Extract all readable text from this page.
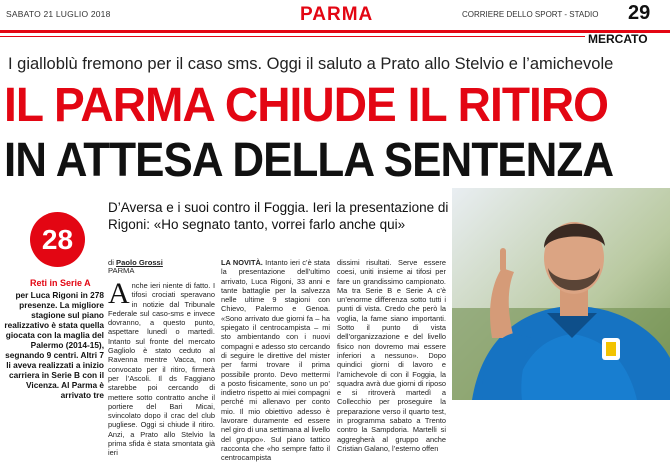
SABATO 21 LUGLIO 2018	PARMA	CORRIERE DELLO SPORT - STADIO 29
MERCATO
I gialloblù fremono per il caso sms. Oggi il saluto a Prato allo Stelvio e l’amichevole
IL PARMA CHIUDE IL RITIRO
IN ATTESA DELLA SENTENZA
28
Reti in Serie A
per Luca Rigoni in 278 presenze. La migliore stagione sul piano realizzativo è stata quella giocata con la maglia del Palermo (2014-15), segnando 9 centri. Altri 7 li aveva realizzati a inizio carriera in Serie B con il Vicenza. Al Parma è arrivato tre
D’Aversa e i suoi contro il Foggia. Ieri la presentazione di Rigoni: «Ho segnato tanto, vorrei farlo anche qui»
di Paolo Grossi
PARMA
Anche ieri niente di fatto. I tifosi crociati speravano in notizie dal Tribunale Federale sul caso-sms e invece dovranno, a questo punto, aspettare lunedì o martedì. Intanto sul fronte del mercato Gagliolo è stato ceduto al Ravenna mentre Vacca, non convocato per il ritiro, firmerà per l’Ascoli. Il ds Faggiano starebbe poi cercando di mettere sotto contratto anche il portiere del Bari Micai, svincolato dopo il crac del club pugliese. Oggi si chiude il ritiro. Anzi, a Prato allo Stelvio la prima sfida è stata smontata già ieri
LA NOVITÀ. Intanto ieri c’è stata la presentazione dell’ultimo arrivato, Luca Rigoni, 33 anni e tante battaglie per la salvezza nelle ultime 9 stagioni con Chievo, Palermo e Genoa. «Sono arrivato due giorni fa – ha spiegato il centrocampista – mi sto ambientando con i nuovi compagni e adesso sto cercando di seguire le direttive del mister per farmi trovare il prima possibile pronto. Devo mettermi a posto fisicamente, sono un po’ indietro rispetto ai miei compagni perché mi allenavo per conto mio. Il mio obiettivo adesso è lavorare duramente ed essere nel giro di una settimana al livello del gruppo». Sul piano tattico racconta che «ho sempre fatto il centrocampista
dissimi risultati. Serve essere coesi, uniti insieme ai tifosi per fare un grandissimo campionato. Ma tra Serie B e Serie A c’è un’enorme differenza sotto tutti i punti di vista. Credo che però la voglia, la fame siano importanti. Sotto il punto di vista dell’organizzazione e del livello fisico non dovremo mai essere inferiori a nessuno». Dopo quindici giorni di lavoro e l’amichevole di con il Foggia, la squadra avrà due giorni di riposo e si ritroverà martedì a Collecchio per proseguire la preparazione verso il quarto test, in programma sabato a Trento contro la Sampdoria. Martelli si aggregherà al gruppo anche Cristian Galano, l’esterno offen
